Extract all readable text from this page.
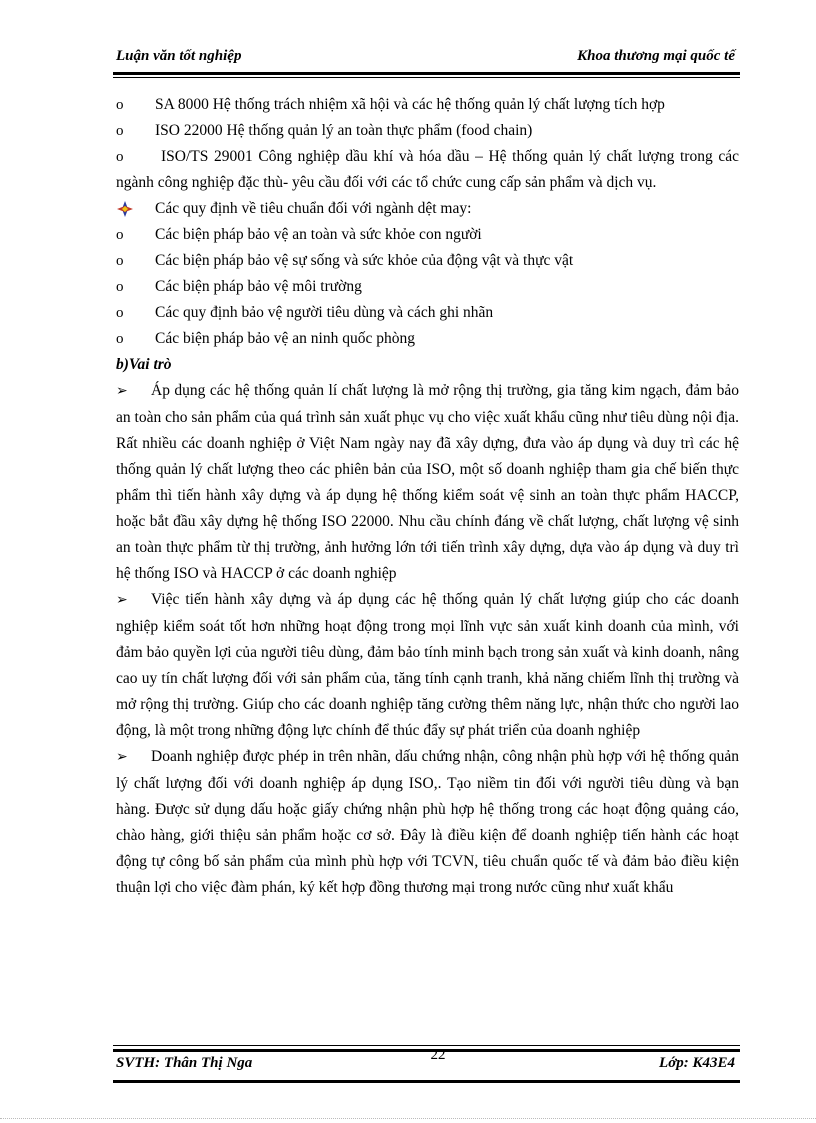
Luận văn tốt nghiệp	Khoa thương mại quốc tế

o	SA 8000 Hệ thống trách nhiệm xã hội và các hệ thống quản lý chất lượng tích hợp

o	ISO 22000 Hệ thống quản lý an toàn thực phẩm (food chain)

o ISO/TS 29001 Công nghiệp dầu khí và hóa dầu – Hệ thống quản lý chất lượng trong các ngành công nghiệp đặc thù- yêu cầu đối với các tổ chức cung cấp sản phẩm và dịch vụ.

Các quy định về tiêu chuẩn đối với ngành dệt may:

o	Các biện pháp bảo vệ an toàn và sức khỏe con người

o	Các biện pháp bảo vệ sự sống và sức khỏe của động vật và thực vật

o	Các biện pháp bảo vệ môi trường

o	Các quy định bảo vệ người tiêu dùng và cách ghi nhãn

o	Các biện pháp bảo vệ an ninh quốc phòng

b)Vai trò

➢ Áp dụng các hệ thống quản lí chất lượng là mở rộng thị trường, gia tăng kim ngạch, đảm bảo an toàn cho sản phẩm của quá trình sản xuất phục vụ cho việc xuất khẩu cũng như tiêu dùng nội địa. Rất nhiều các doanh nghiệp ở Việt Nam ngày nay đã xây dựng, đưa vào áp dụng và duy trì các hệ thống quản lý chất lượng theo các phiên bản của ISO, một số doanh nghiệp tham gia chế biến thực phẩm thì tiến hành xây dựng và áp dụng hệ thống kiểm soát vệ sinh an toàn thực phẩm HACCP, hoặc bắt đầu xây dựng hệ thống ISO 22000. Nhu cầu chính đáng về chất lượng, chất lượng vệ sinh an toàn thực phẩm từ thị trường, ảnh hưởng lớn tới tiến trình xây dựng, dựa vào áp dụng và duy trì hệ thống ISO và HACCP ở các doanh nghiệp

➢ Việc tiến hành xây dựng và áp dụng các hệ thống quản lý chất lượng giúp cho các doanh nghiệp kiểm soát tốt hơn những hoạt động trong mọi lĩnh vực sản xuất kinh doanh của mình, với đảm bảo quyền lợi của người tiêu dùng, đảm bảo tính minh bạch trong sản xuất và kinh doanh, nâng cao uy tín chất lượng đối với sản phẩm của, tăng tính cạnh tranh, khả năng chiếm lĩnh thị trường và mở rộng thị trường. Giúp cho các doanh nghiệp tăng cường thêm năng lực, nhận thức cho người lao động, là một trong những động lực chính để thúc đẩy sự phát triển của doanh nghiệp

➢ Doanh nghiệp được phép in trên nhãn, dấu chứng nhận, công nhận phù hợp với hệ thống quản lý chất lượng đối với doanh nghiệp áp dụng ISO,. Tạo niềm tin đối với người tiêu dùng và bạn hàng. Được sử dụng dấu hoặc giấy chứng nhận phù hợp hệ thống trong các hoạt động quảng cáo, chào hàng, giới thiệu sản phẩm hoặc cơ sở. Đây là điều kiện để doanh nghiệp tiến hành các hoạt động tự công bố sản phẩm của mình phù hợp với TCVN, tiêu chuẩn quốc tế và đảm bảo điều kiện thuận lợi cho việc đàm phán, ký kết hợp đồng thương mại trong nước cũng như xuất khẩu

22
SVTH: Thân Thị Nga	Lớp: K43E4
